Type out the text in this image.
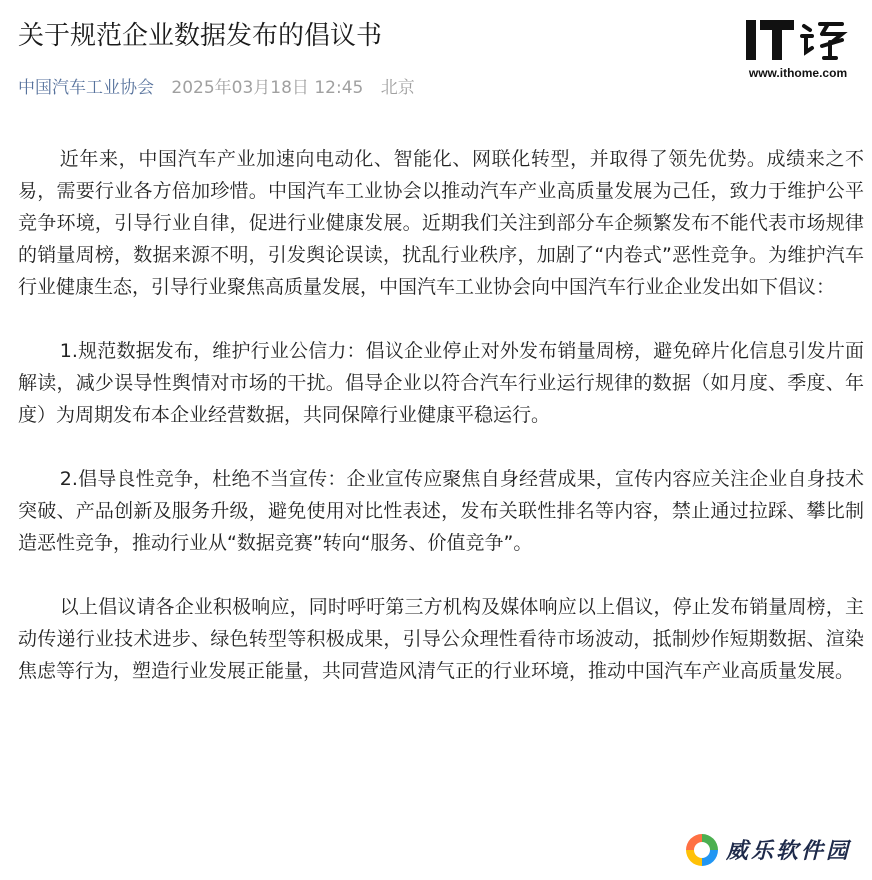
关于规范企业数据发布的倡议书
中国汽车工业协会 2025年03月18日 12:45 北京

近年来，中国汽车产业加速向电动化、智能化、网联化转型，并取得了领先优势。成绩来之不易，需要行业各方倍加珍惜。中国汽车工业协会以推动汽车产业高质量发展为己任，致力于维护公平竞争环境，引导行业自律，促进行业健康发展。近期我们关注到部分车企频繁发布不能代表市场规律的销量周榜，数据来源不明，引发舆论误读，扰乱行业秩序，加剧了“内卷式”恶性竞争。为维护汽车行业健康生态，引导行业聚焦高质量发展，中国汽车工业协会向中国汽车行业企业发出如下倡议：

1.规范数据发布，维护行业公信力：倡议企业停止对外发布销量周榜，避免碎片化信息引发片面解读，减少误导性舆情对市场的干扰。倡导企业以符合汽车行业运行规律的数据（如月度、季度、年度）为周期发布本企业经营数据，共同保障行业健康平稳运行。

2.倡导良性竞争，杜绝不当宣传：企业宣传应聚焦自身经营成果，宣传内容应关注企业自身技术突破、产品创新及服务升级，避免使用对比性表述，发布关联性排名等内容，禁止通过拉踩、攀比制造恶性竞争，推动行业从“数据竞赛”转向“服务、价值竞争”。

以上倡议请各企业积极响应，同时呼吁第三方机构及媒体响应以上倡议，停止发布销量周榜，主动传递行业技术进步、绿色转型等积极成果，引导公众理性看待市场波动，抵制炒作短期数据、渲染焦虑等行为，塑造行业发展正能量，共同营造风清气正的行业环境，推动中国汽车产业高质量发展。

www.ithome.com
威乐软件园
